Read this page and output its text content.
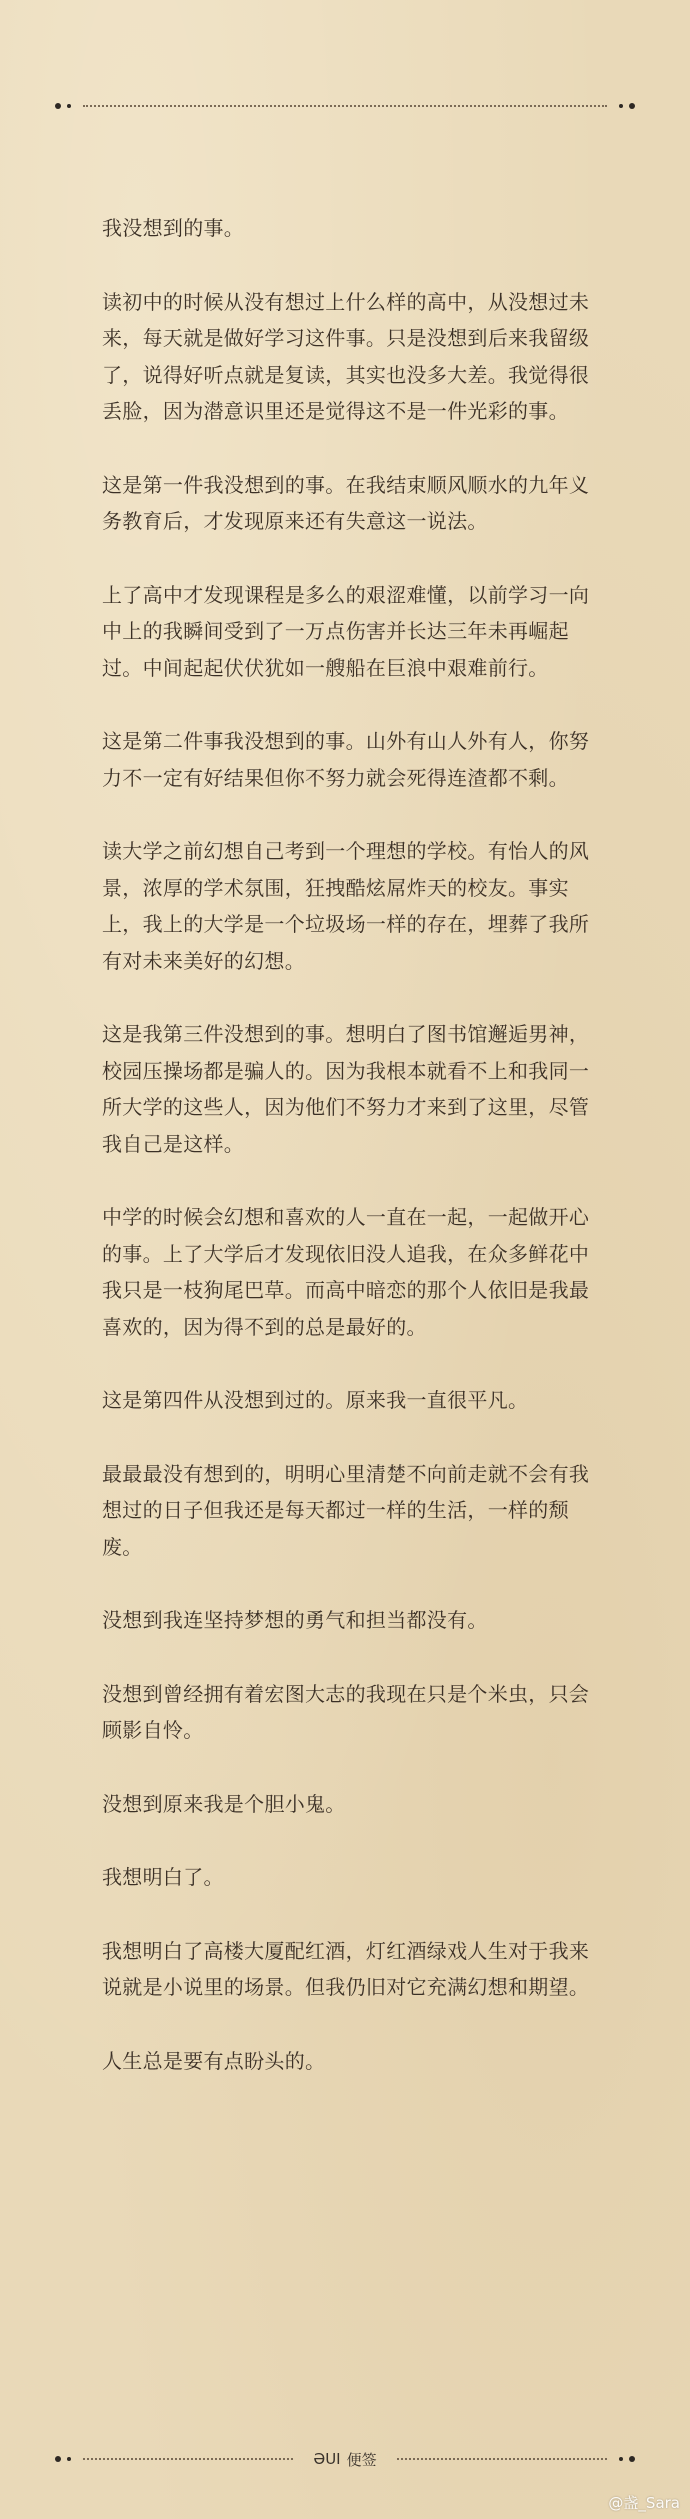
我没想到的事。

读初中的时候从没有想过上什么样的高中，从没想过未来，每天就是做好学习这件事。只是没想到后来我留级了，说得好听点就是复读，其实也没多大差。我觉得很丢脸，因为潜意识里还是觉得这不是一件光彩的事。

这是第一件我没想到的事。在我结束顺风顺水的九年义务教育后，才发现原来还有失意这一说法。

上了高中才发现课程是多么的艰涩难懂，以前学习一向中上的我瞬间受到了一万点伤害并长达三年未再崛起过。中间起起伏伏犹如一艘船在巨浪中艰难前行。

这是第二件事我没想到的事。山外有山人外有人，你努力不一定有好结果但你不努力就会死得连渣都不剩。

读大学之前幻想自己考到一个理想的学校。有怡人的风景，浓厚的学术氛围，狂拽酷炫屌炸天的校友。事实上，我上的大学是一个垃圾场一样的存在，埋葬了我所有对未来美好的幻想。

这是我第三件没想到的事。想明白了图书馆邂逅男神，校园压操场都是骗人的。因为我根本就看不上和我同一所大学的这些人，因为他们不努力才来到了这里，尽管我自己是这样。

中学的时候会幻想和喜欢的人一直在一起，一起做开心的事。上了大学后才发现依旧没人追我，在众多鲜花中我只是一枝狗尾巴草。而高中暗恋的那个人依旧是我最喜欢的，因为得不到的总是最好的。

这是第四件从没想到过的。原来我一直很平凡。

最最最没有想到的，明明心里清楚不向前走就不会有我想过的日子但我还是每天都过一样的生活，一样的颓废。

没想到我连坚持梦想的勇气和担当都没有。

没想到曾经拥有着宏图大志的我现在只是个米虫，只会顾影自怜。

没想到原来我是个胆小鬼。

我想明白了。

我想明白了高楼大厦配红酒，灯红酒绿戏人生对于我来说就是小说里的场景。但我仍旧对它充满幻想和期望。

人生总是要有点盼头的。

ƏUI 便签
@盏_Sara
